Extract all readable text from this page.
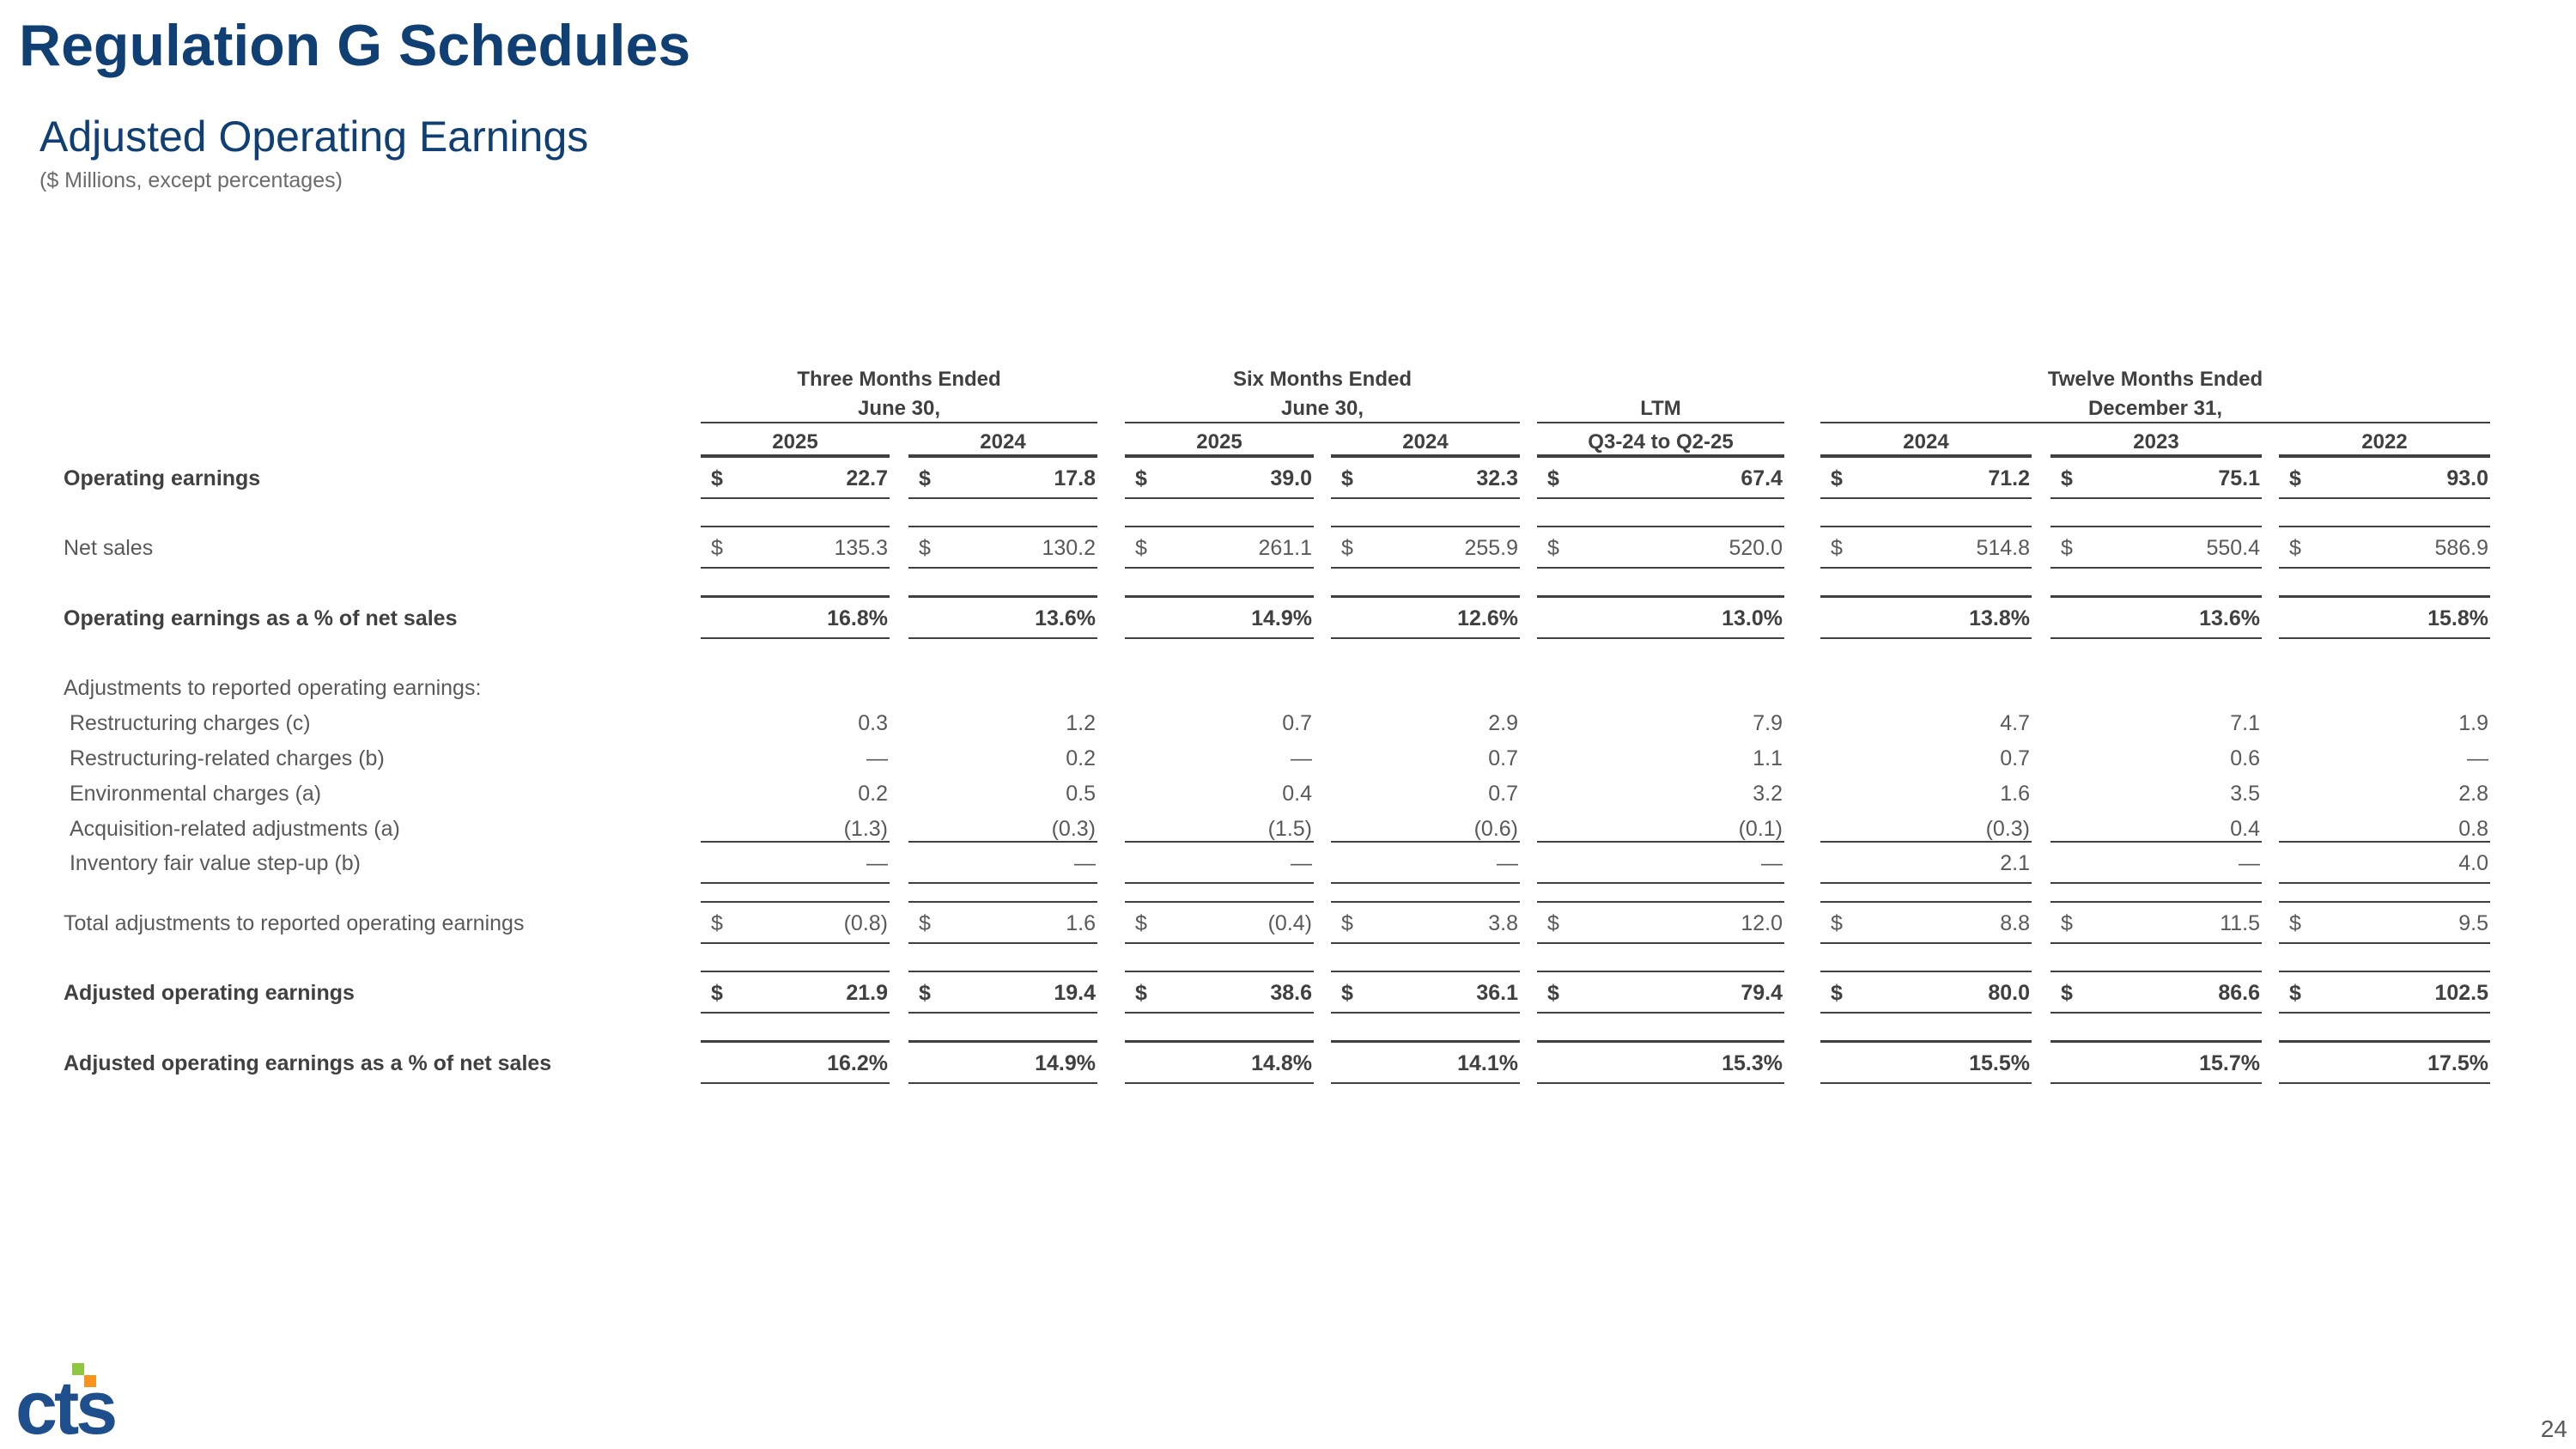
Regulation G Schedules
Adjusted Operating Earnings
($ Millions, except percentages)
Three Months Ended
June 30,
Six Months Ended
June 30,	LTM
Twelve Months Ended
December 31,
2025	2024	2025	2024	Q3-24 to Q2-25	2024	2023	2022
Operating earnings	$	22.7 $	17.8 $	39.0 $	32.3 $	67.4 $	71.2 $	75.1 $	93.0
Net sales	$	135.3 $	130.2 $	261.1 $	255.9 $	520.0 $	514.8 $	550.4 $	586.9
Operating earnings as a % of net sales	16.8%	13.6%	14.9%	12.6%	13.0%	13.8%	13.6%	15.8%
Adjustments to reported operating earnings:
Restructuring charges (c)	0.3	1.2	0.7	2.9	7.9	4.7	7.1	1.9
Restructuring-related charges (b)	—	0.2	—	0.7	1.1	0.7	0.6	—
Environmental charges (a)	0.2	0.5	0.4	0.7	3.2	1.6	3.5	2.8
Acquisition-related adjustments (a)	(1.3)	(0.3)	(1.5)	(0.6)	(0.1)	(0.3)	0.4	0.8
Inventory fair value step-up (b)	—	—	—	—	—	2.1	—	4.0
Total adjustments to reported operating earnings	$	(0.8) $	1.6 $	(0.4) $	3.8 $	12.0 $	8.8 $	11.5 $	9.5
Adjusted operating earnings	$	21.9 $	19.4 $	38.6 $	36.1 $	79.4 $	80.0 $	86.6 $	102.5
Adjusted operating earnings as a % of net sales	16.2%	14.9%	14.8%	14.1%	15.3%	15.5%	15.7%	17.5%
cts	24
